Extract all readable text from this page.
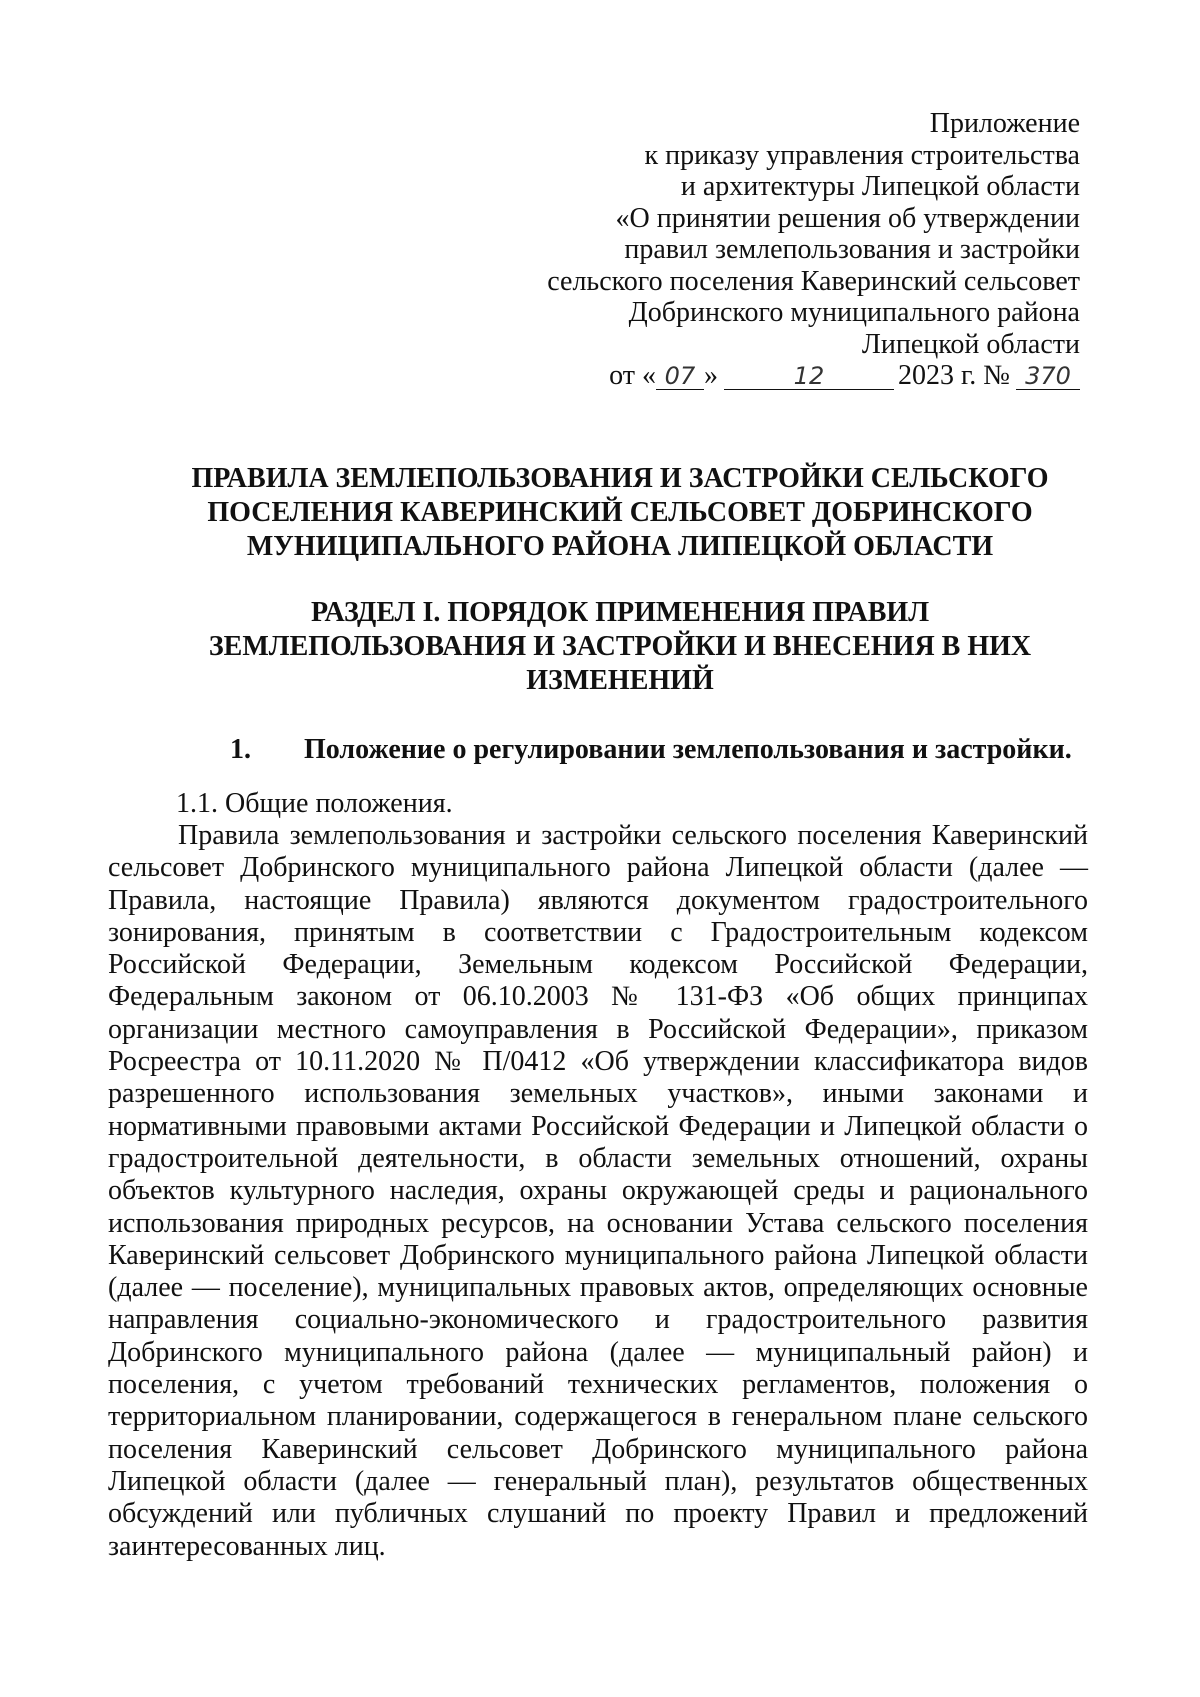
Приложение
к приказу управления строительства
и архитектуры Липецкой области
«О принятии решения об утверждении
правил землепользования и застройки
сельского поселения Каверинский сельсовет
Добринского муниципального района
Липецкой области
от « 07 »	12	2023 г. № 370
ПРАВИЛА ЗЕМЛЕПОЛЬЗОВАНИЯ И ЗАСТРОЙКИ СЕЛЬСКОГО
ПОСЕЛЕНИЯ КАВЕРИНСКИЙ СЕЛЬСОВЕТ ДОБРИНСКОГО
МУНИЦИПАЛЬНОГО РАЙОНА ЛИПЕЦКОЙ ОБЛАСТИ
РАЗДЕЛ I. ПОРЯДОК ПРИМЕНЕНИЯ ПРАВИЛ
ЗЕМЛЕПОЛЬЗОВАНИЯ И ЗАСТРОЙКИ И ВНЕСЕНИЯ В НИХ
ИЗМЕНЕНИЙ
1. Положение о регулировании землепользования и застройки.
1.1. Общие положения.
Правила землепользования и застройки сельского поселения Каверинский сельсовет Добринского муниципального района Липецкой области (далее — Правила, настоящие Правила) являются документом градостроительного зонирования, принятым в соответствии с Градостроительным кодексом Российской Федерации, Земельным кодексом Российской Федерации, Федеральным законом от 06.10.2003 № 131-ФЗ «Об общих принципах организации местного самоуправления в Российской Федерации», приказом Росреестра от 10.11.2020 № П/0412 «Об утверждении классификатора видов разрешенного использования земельных участков», иными законами и нормативными правовыми актами Российской Федерации и Липецкой области о градостроительной деятельности, в области земельных отношений, охраны объектов культурного наследия, охраны окружающей среды и рационального использования природных ресурсов, на основании Устава сельского поселения Каверинский сельсовет Добринского муниципального района Липецкой области (далее — поселение), муниципальных правовых актов, определяющих основные направления социально-экономического и градостроительного развития Добринского муниципального района (далее — муниципальный район) и поселения, с учетом требований технических регламентов, положения о территориальном планировании, содержащегося в генеральном плане сельского поселения Каверинский сельсовет Добринского муниципального района Липецкой области (далее — генеральный план), результатов общественных обсуждений или публичных слушаний по проекту Правил и предложений заинтересованных лиц.
